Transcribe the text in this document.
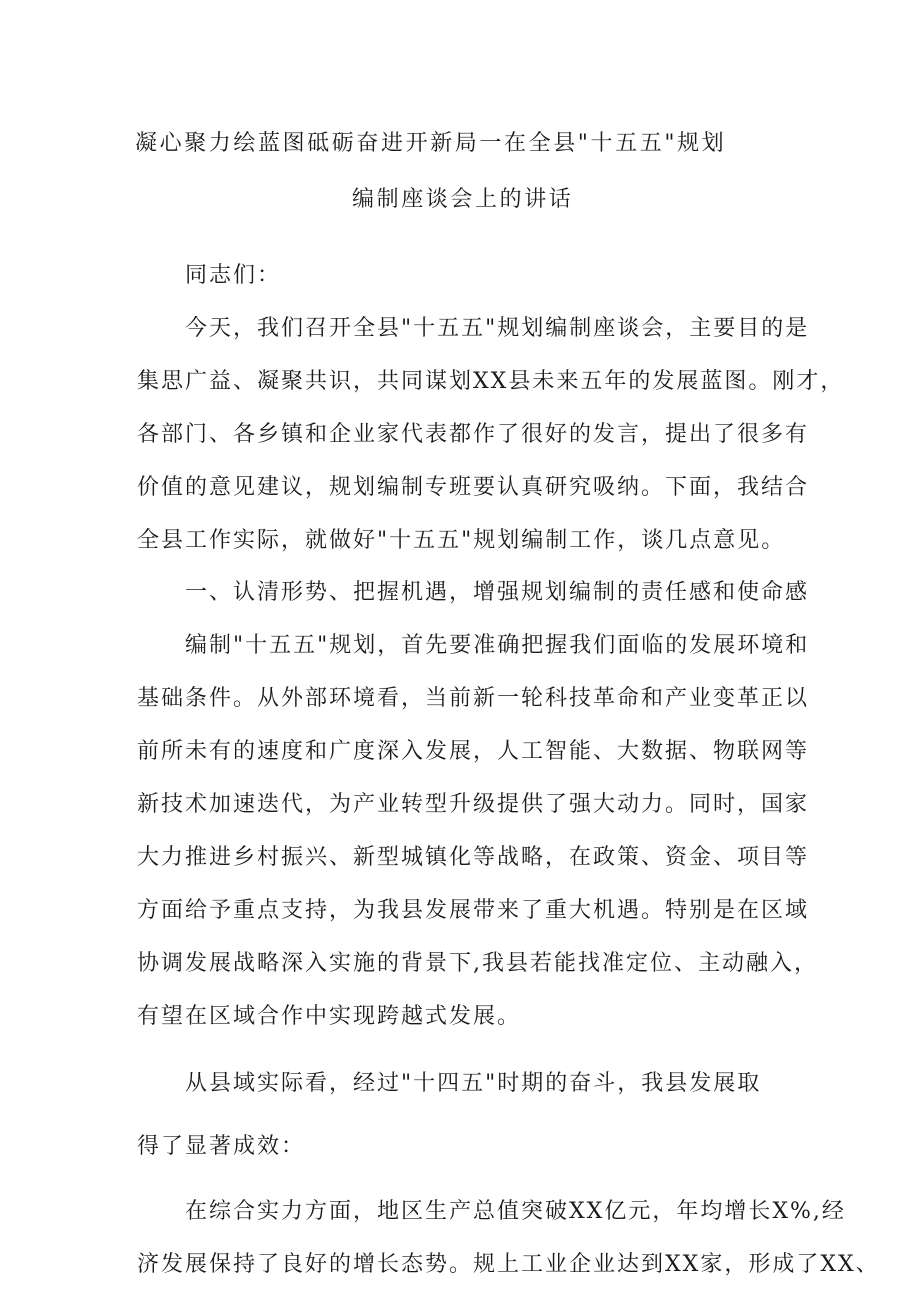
凝心聚力绘蓝图砥砺奋进开新局一在全县"十五五"规划
编制座谈会上的讲话
同志们：
今天，我们召开全县"十五五"规划编制座谈会，主要目的是
集思广益、凝聚共识，共同谋划XX县未来五年的发展蓝图。刚才，
各部门、各乡镇和企业家代表都作了很好的发言，提出了很多有
价值的意见建议，规划编制专班要认真研究吸纳。下面，我结合
全县工作实际，就做好"十五五"规划编制工作，谈几点意见。
一、认清形势、把握机遇，增强规划编制的责任感和使命感
编制"十五五"规划，首先要准确把握我们面临的发展环境和
基础条件。从外部环境看，当前新一轮科技革命和产业变革正以
前所未有的速度和广度深入发展，人工智能、大数据、物联网等
新技术加速迭代，为产业转型升级提供了强大动力。同时，国家
大力推进乡村振兴、新型城镇化等战略，在政策、资金、项目等
方面给予重点支持，为我县发展带来了重大机遇。特别是在区域
协调发展战略深入实施的背景下,我县若能找准定位、主动融入，
有望在区域合作中实现跨越式发展。
从县域实际看，经过"十四五"时期的奋斗，我县发展取
得了显著成效：
在综合实力方面，地区生产总值突破XX亿元，年均增长X%,经
济发展保持了良好的增长态势。规上工业企业达到XX家，形成了XX、
